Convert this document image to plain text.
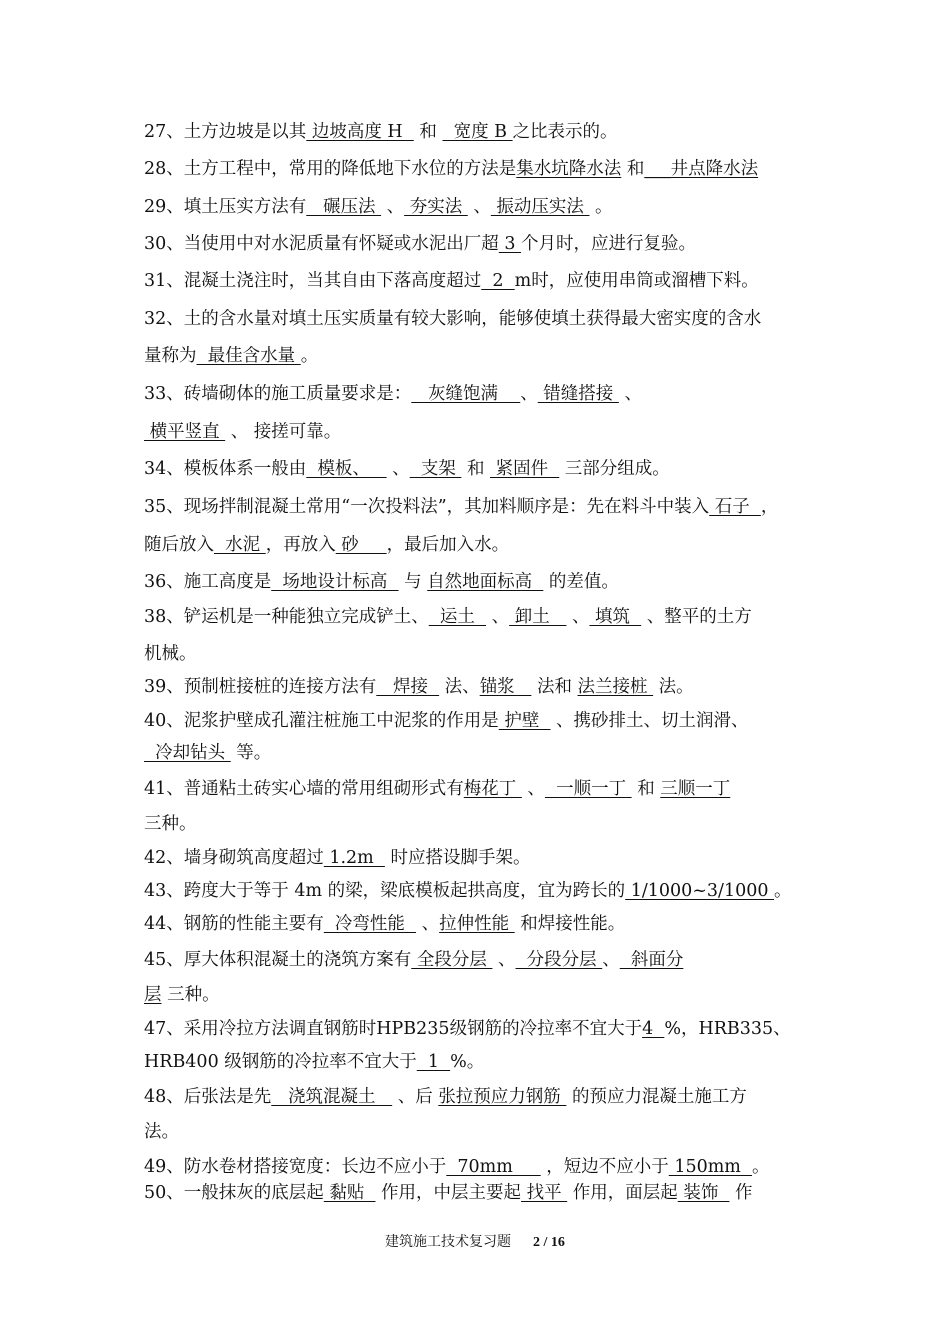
27、土方边坡是以其 边坡高度 H   和   宽度 B 之比表示的。
28、土方工程中，常用的降低地下水位的方法是集水坑降水法 和___井点降水法
29、填土压实方法有   碾压法  、 夯实法  、 振动压实法  。
30、当使用中对水泥质量有怀疑或水泥出厂超 3 个月时，应进行复验。
31、混凝土浇注时，当其自由下落高度超过  2  m时，应使用串筒或溜槽下料。
32、土的含水量对填土压实质量有较大影响，能够使填土获得最大密实度的含水
量称为  最佳含水量 。
33、砖墙砌体的施工质量要求是：   灰缝饱满    、 错缝搭接  、
横平竖直  、 接搓可靠。
34、模板体系一般由  模板、    、  支架  和  紧固件   三部分组成。
35、现场拌制混凝土常用“一次投料法”，其加料顺序是：先在料斗中装入 石子  ，
随后放入  水泥 ，再放入 砂     ，最后加入水。
36、施工高度是  场地设计标高   与 自然地面标高   的差值。
38、铲运机是一种能独立完成铲土、  运土   、 卸土    、 填筑   、整平的土方
机械。
39、预制桩接桩的连接方法有   焊接   法、锚浆    法和 法兰接桩  法。
40、泥浆护壁成孔灌注桩施工中泥浆的作用是 护壁   、携砂排土、切土润滑、
冷却钻头  等。
41、普通粘土砖实心墙的常用组砌形式有梅花丁  、  一顺一丁  和 三顺一丁
三种。
42、墙身砌筑高度超过 1.2m   时应搭设脚手架。
43、跨度大于等于 4m 的梁，梁底模板起拱高度，宜为跨长的 1/1000~3/1000 。
44、钢筋的性能主要有  冷弯性能   、拉伸性能  和焊接性能。
45、厚大体积混凝土的浇筑方案有 全段分层  、  分段分层 、  斜面分
层 三种。
47、采用冷拉方法调直钢筋时HPB235级钢筋的冷拉率不宜大于4  %，HRB335、
HRB400 级钢筋的冷拉率不宜大于  1  %。
48、后张法是先   浇筑混凝土    、后 张拉预应力钢筋  的预应力混凝土施工方
法。
49、防水卷材搭接宽度：长边不应小于  70mm      ，短边不应小于 150mm  。
50、一般抹灰的底层起 黏贴   作用，中层主要起 找平  作用，面层起 装饰   作
建筑施工技术复习题 2 / 16
